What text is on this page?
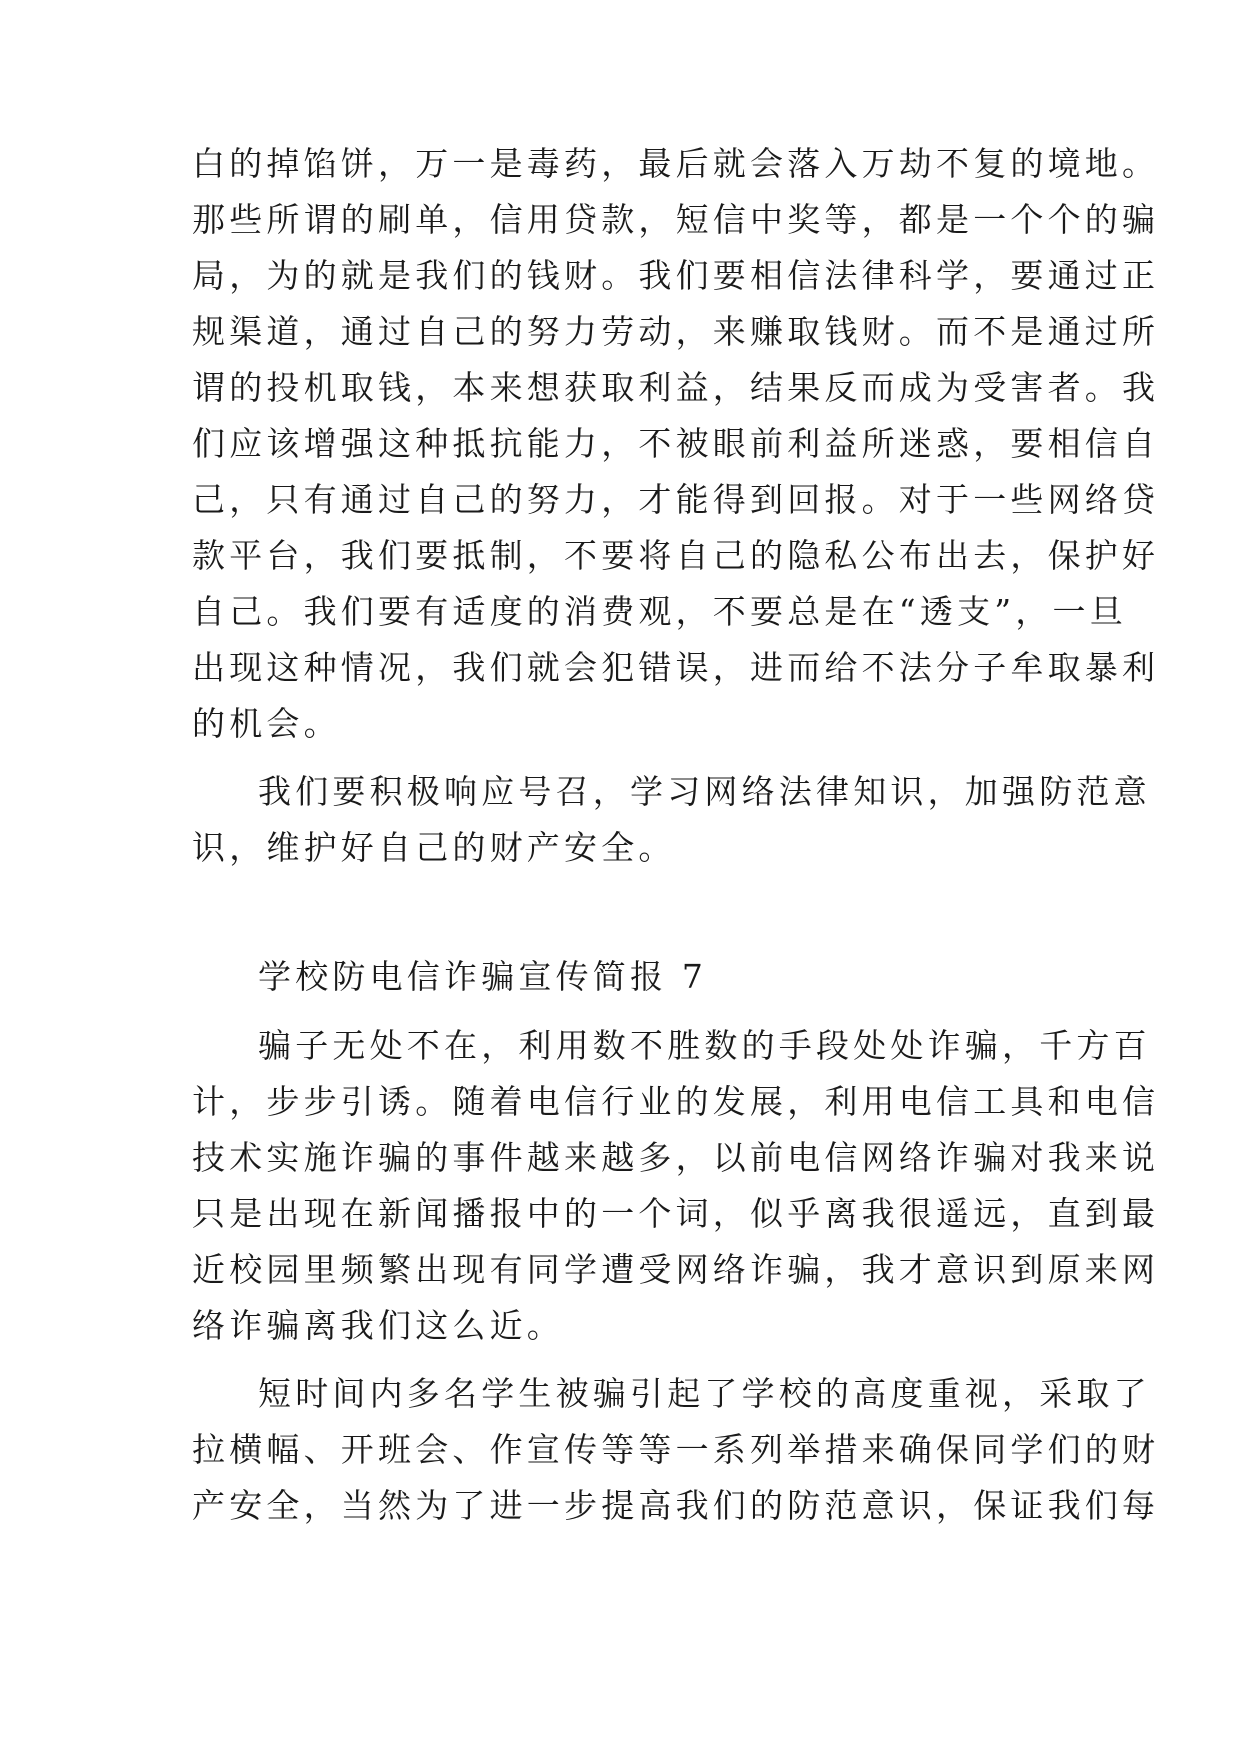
白的掉馅饼，万一是毒药，最后就会落入万劫不复的境地。
那些所谓的刷单，信用贷款，短信中奖等，都是一个个的骗
局，为的就是我们的钱财。我们要相信法律科学，要通过正
规渠道，通过自己的努力劳动，来赚取钱财。而不是通过所
谓的投机取钱，本来想获取利益，结果反而成为受害者。我
们应该增强这种抵抗能力，不被眼前利益所迷惑，要相信自
己，只有通过自己的努力，才能得到回报。对于一些网络贷
款平台，我们要抵制，不要将自己的隐私公布出去，保护好
自己。我们要有适度的消费观，不要总是在“透支”，一旦
出现这种情况，我们就会犯错误，进而给不法分子牟取暴利
的机会。
我们要积极响应号召，学习网络法律知识，加强防范意
识，维护好自己的财产安全。
学校防电信诈骗宣传简报 7
骗子无处不在，利用数不胜数的手段处处诈骗，千方百
计，步步引诱。随着电信行业的发展，利用电信工具和电信
技术实施诈骗的事件越来越多，以前电信网络诈骗对我来说
只是出现在新闻播报中的一个词，似乎离我很遥远，直到最
近校园里频繁出现有同学遭受网络诈骗，我才意识到原来网
络诈骗离我们这么近。
短时间内多名学生被骗引起了学校的高度重视，采取了
拉横幅、开班会、作宣传等等一系列举措来确保同学们的财
产安全，当然为了进一步提高我们的防范意识，保证我们每
